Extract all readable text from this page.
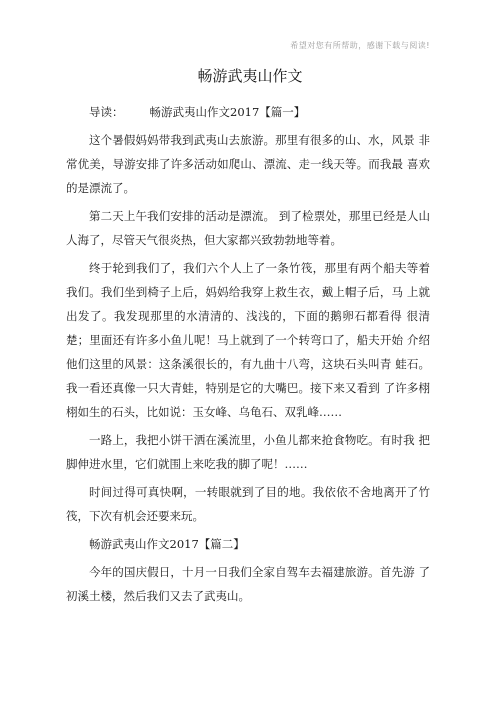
希望对您有所帮助，感谢下载与阅读!
畅游武夷山作文

导读： 畅游武夷山作文2017【篇一】

这个暑假妈妈带我到武夷山去旅游。那里有很多的山、水，风景 非常优美，导游安排了许多活动如爬山、漂流、走一线天等。而我最 喜欢的是漂流了。

第二天上午我们安排的活动是漂流。 到了检票处，那里已经是人山人海了，尽管天气很炎热，但大家都兴致勃勃地等着。

终于轮到我们了，我们六个人上了一条竹筏，那里有两个船夫等着我们。我们坐到椅子上后，妈妈给我穿上救生衣，戴上帽子后，马 上就出发了。我发现那里的水清清的、浅浅的，下面的鹅卵石都看得 很清楚；里面还有许多小鱼儿呢！马上就到了一个转弯口了，船夫开始 介绍他们这里的风景：这条溪很长的，有九曲十八弯，这块石头叫青 蛙石。我一看还真像一只大青蛙，特别是它的大嘴巴。接下来又看到 了许多栩栩如生的石头，比如说：玉女峰、乌龟石、双乳峰……

一路上，我把小饼干洒在溪流里，小鱼儿都来抢食物吃。有时我 把脚伸进水里，它们就围上来吃我的脚了呢！……

时间过得可真快啊，一转眼就到了目的地。我依依不舍地离开了竹筏，下次有机会还要来玩。

畅游武夷山作文2017【篇二】

今年的国庆假日，十月一日我们全家自驾车去福建旅游。首先游 了初溪土楼，然后我们又去了武夷山。
